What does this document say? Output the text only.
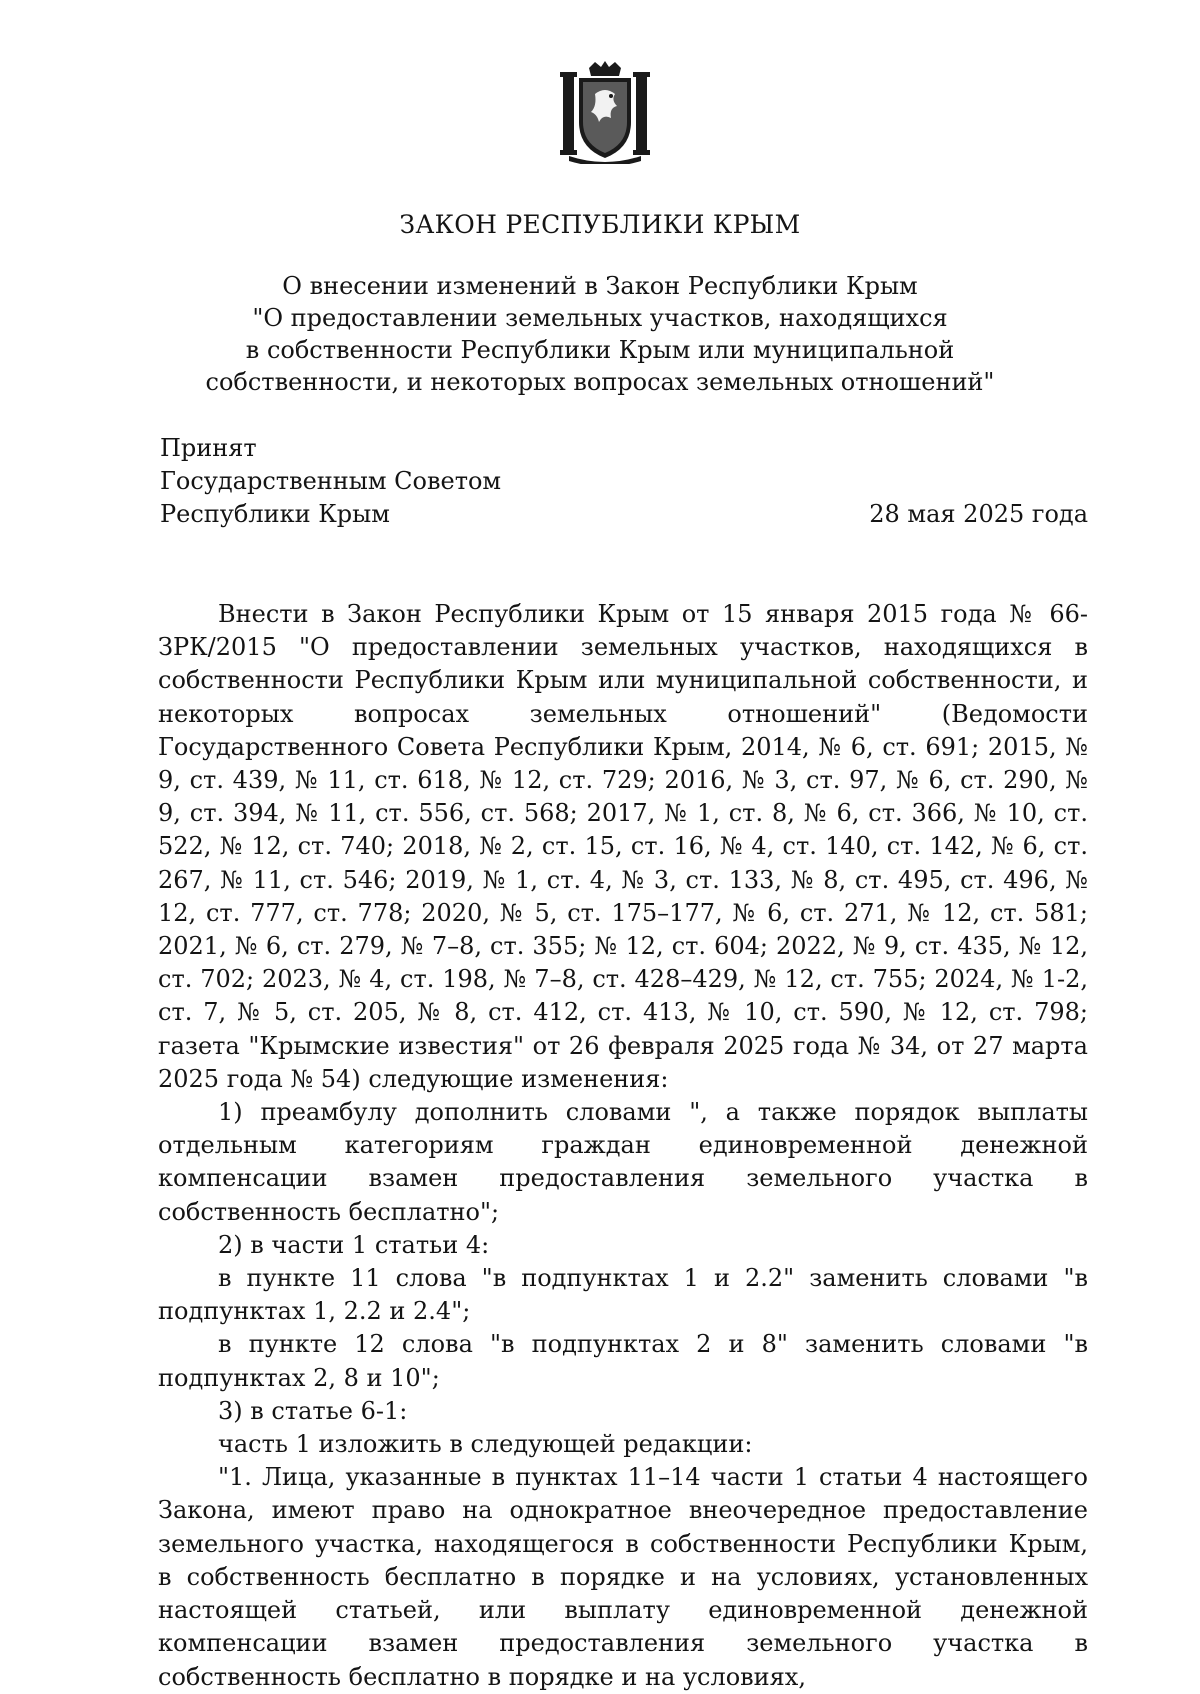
ЗАКОН РЕСПУБЛИКИ КРЫМ
О внесении изменений в Закон Республики Крым
"О предоставлении земельных участков, находящихся
в собственности Республики Крым или муниципальной
собственности, и некоторых вопросах земельных отношений"
Принят
Государственным Советом
Республики Крым	28 мая 2025 года

Внести в Закон Республики Крым от 15 января 2015 года № 66-ЗРК/2015 "О предоставлении земельных участков, находящихся в собственности Республики Крым или муниципальной собственности, и некоторых вопросах земельных отношений" (Ведомости Государственного Совета Республики Крым, 2014, № 6, ст. 691; 2015, № 9, ст. 439, № 11, ст. 618, № 12, ст. 729; 2016, № 3, ст. 97, № 6, ст. 290, № 9, ст. 394, № 11, ст. 556, ст. 568; 2017, № 1, ст. 8, № 6, ст. 366, № 10, ст. 522, № 12, ст. 740; 2018, № 2, ст. 15, ст. 16, № 4, ст. 140, ст. 142, № 6, ст. 267, № 11, ст. 546; 2019, № 1, ст. 4, № 3, ст. 133, № 8, ст. 495, ст. 496, № 12, ст. 777, ст. 778; 2020, № 5, ст. 175–177, № 6, ст. 271, № 12, ст. 581; 2021, № 6, ст. 279, № 7–8, ст. 355; № 12, ст. 604; 2022, № 9, ст. 435, № 12, ст. 702; 2023, № 4, ст. 198, № 7–8, ст. 428–429, № 12, ст. 755; 2024, № 1-2, ст. 7, № 5, ст. 205, № 8, ст. 412, ст. 413, № 10, ст. 590, № 12, ст. 798; газета "Крымские известия" от 26 февраля 2025 года № 34, от 27 марта 2025 года № 54) следующие изменения:

1) преамбулу дополнить словами ", а также порядок выплаты отдельным категориям граждан единовременной денежной компенсации взамен предоставления земельного участка в собственность бесплатно";

2) в части 1 статьи 4:

в пункте 11 слова "в подпунктах 1 и 2.2" заменить словами "в подпунктах 1, 2.2 и 2.4";

в пункте 12 слова "в подпунктах 2 и 8" заменить словами "в подпунктах 2, 8 и 10";

3) в статье 6-1:

часть 1 изложить в следующей редакции:

"1. Лица, указанные в пунктах 11–14 части 1 статьи 4 настоящего Закона, имеют право на однократное внеочередное предоставление земельного участка, находящегося в собственности Республики Крым, в собственность бесплатно в порядке и на условиях, установленных настоящей статьей, или выплату единовременной денежной компенсации взамен предоставления земельного участка в собственность бесплатно в порядке и на условиях,
